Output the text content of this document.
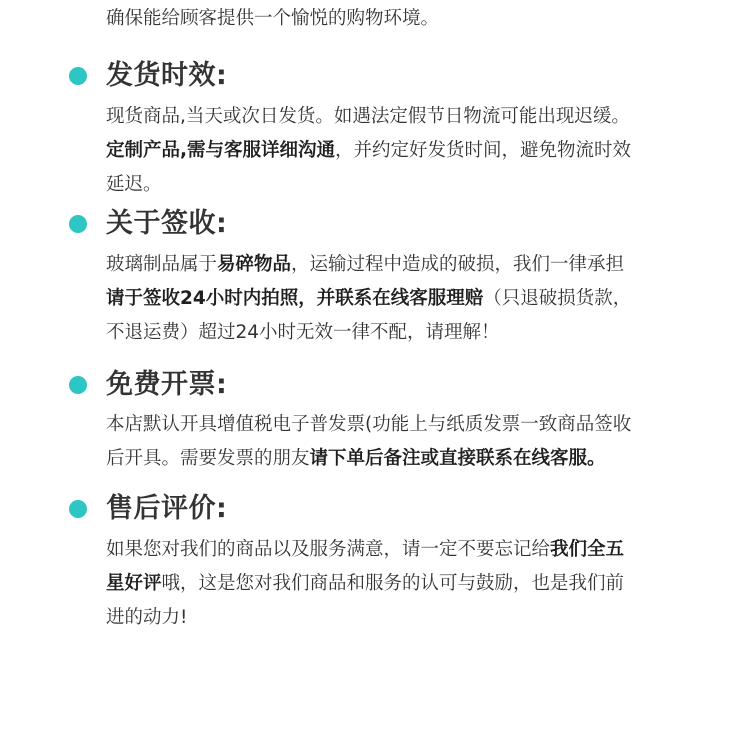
确保能给顾客提供一个愉悦的购物环境。
发货时效:
现货商品,当天或次日发货。如遇法定假节日物流可能出现迟缓。
定制产品,需与客服详细沟通，并约定好发货时间，避免物流时效
延迟。
关于签收:
玻璃制品属于易碎物品，运输过程中造成的破损，我们一律承担
请于签收24小时内拍照，并联系在线客服理赔（只退破损货款，
不退运费）超过24小时无效一律不配，请理解！
免费开票:
本店默认开具增值税电子普发票(功能上与纸质发票一致商品签收
后开具。需要发票的朋友请下单后备注或直接联系在线客服。
售后评价:
如果您对我们的商品以及服务满意，请一定不要忘记给我们全五
星好评哦，这是您对我们商品和服务的认可与鼓励，也是我们前
进的动力!
